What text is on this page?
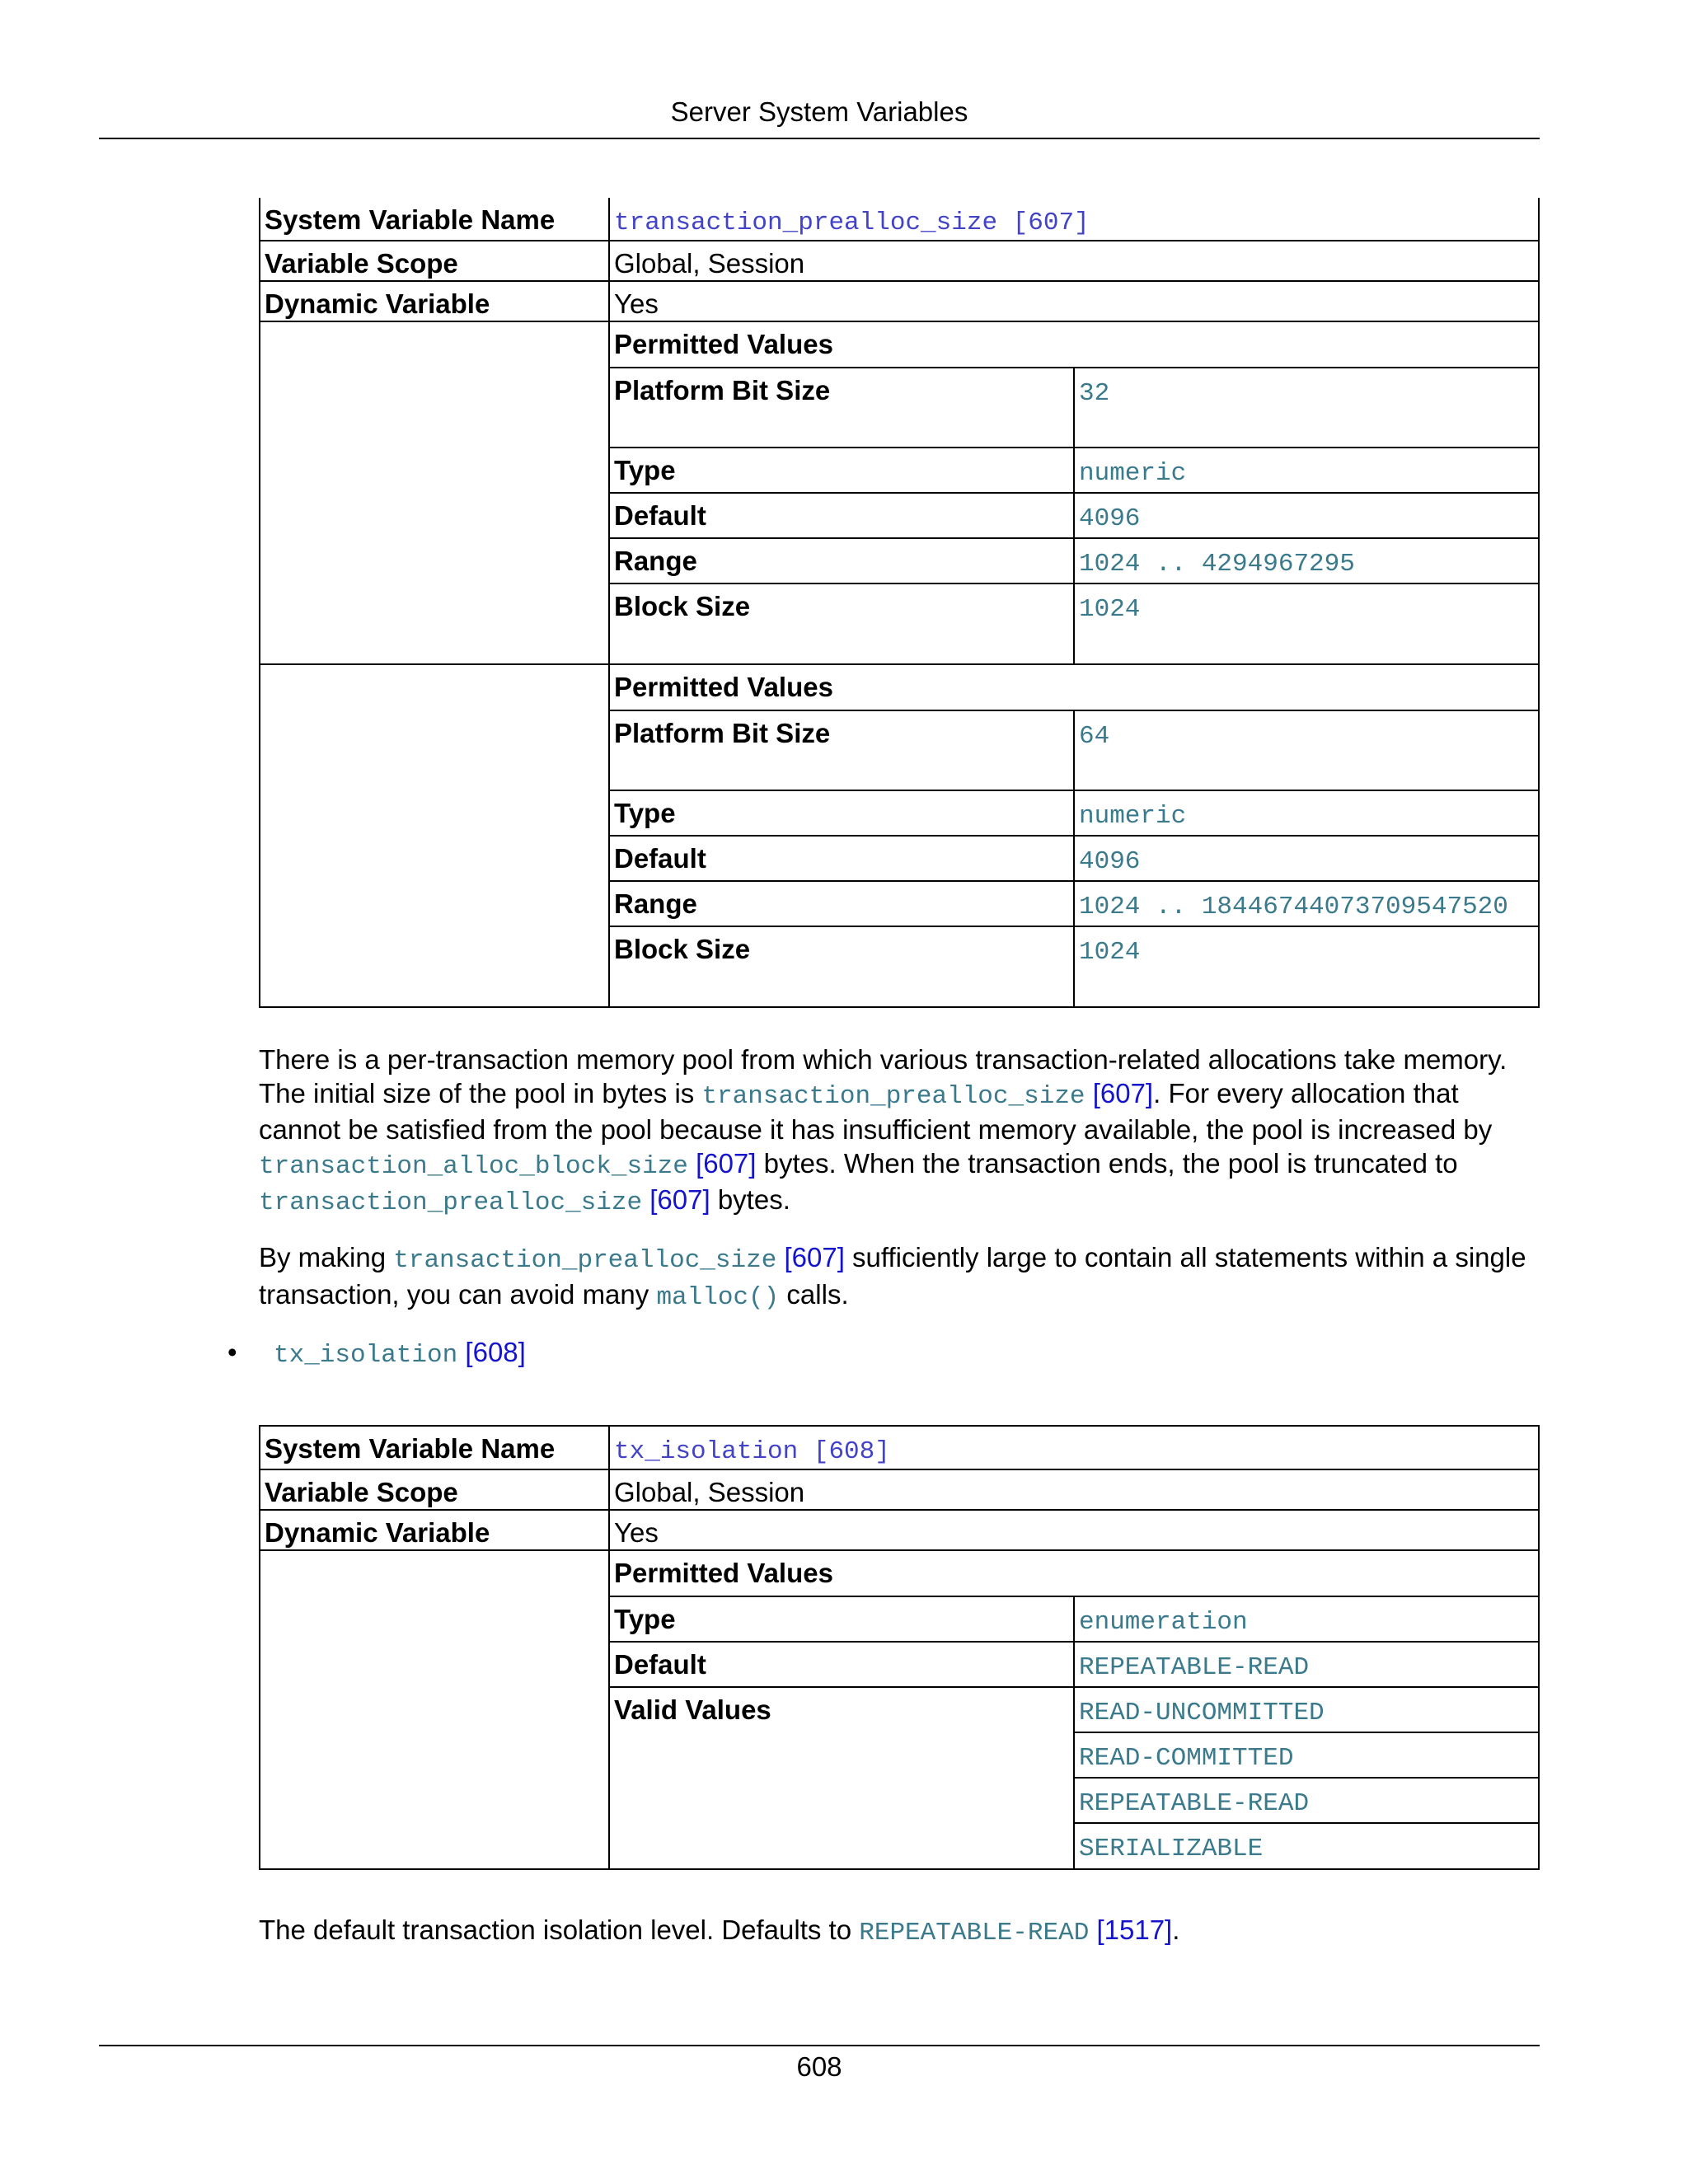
Server System Variables
System Variable Name	transaction_prealloc_size [607]
Variable Scope	Global, Session
Dynamic Variable	Yes

Permitted Values
Platform Bit Size	32
Type	numeric
Default	4096
Range	1024 .. 4294967295
Block Size	1024

Permitted Values
Platform Bit Size	64
Type	numeric
Default	4096
Range	1024 .. 18446744073709547520
Block Size	1024

There is a per-transaction memory pool from which various transaction-related allocations take memory. The initial size of the pool in bytes is transaction_prealloc_size [607]. For every allocation that cannot be satisfied from the pool because it has insufficient memory available, the pool is increased by transaction_alloc_block_size [607] bytes. When the transaction ends, the pool is truncated to transaction_prealloc_size [607] bytes.

By making transaction_prealloc_size [607] sufficiently large to contain all statements within a single transaction, you can avoid many malloc() calls.

• tx_isolation [608]
System Variable Name	tx_isolation [608]
Variable Scope	Global, Session
Dynamic Variable	Yes

Permitted Values
Type	enumeration
Default	REPEATABLE-READ
Valid Values	READ-UNCOMMITTED
READ-COMMITTED
REPEATABLE-READ
SERIALIZABLE

The default transaction isolation level. Defaults to REPEATABLE-READ [1517].

608
